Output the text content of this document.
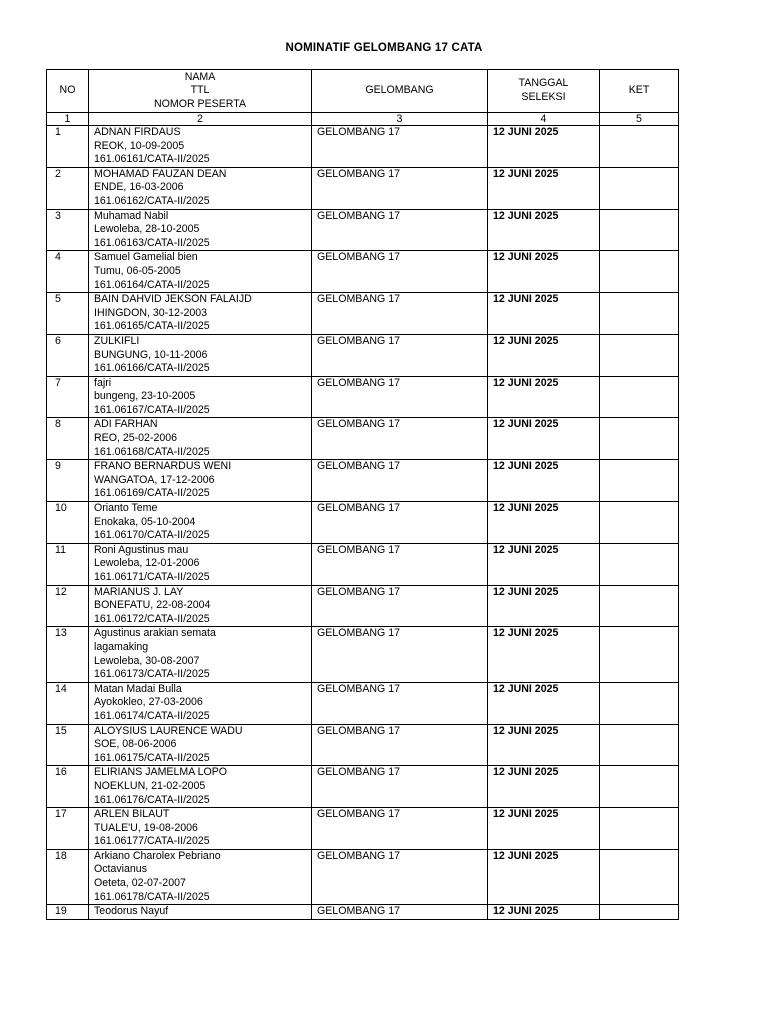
NOMINATIF GELOMBANG 17 CATA
NO	NAMA
TTL
NOMOR PESERTA	GELOMBANG	TANGGAL
SELEKSI	KET
1	2	3	4	5
1	ADNAN FIRDAUS
REOK, 10-09-2005
161.06161/CATA-II/2025	GELOMBANG 17	12 JUNI 2025	
2	MOHAMAD FAUZAN DEAN
ENDE, 16-03-2006
161.06162/CATA-II/2025	GELOMBANG 17	12 JUNI 2025	
3	Muhamad Nabil
Lewoleba, 28-10-2005
161.06163/CATA-II/2025	GELOMBANG 17	12 JUNI 2025	
4	Samuel Gamelial bien
Tumu, 06-05-2005
161.06164/CATA-II/2025	GELOMBANG 17	12 JUNI 2025	
5	BAIN DAHVID JEKSON FALAIJD
IHINGDON, 30-12-2003
161.06165/CATA-II/2025	GELOMBANG 17	12 JUNI 2025	
6	ZULKIFLI
BUNGUNG, 10-11-2006
161.06166/CATA-II/2025	GELOMBANG 17	12 JUNI 2025	
7	fajri
bungeng, 23-10-2005
161.06167/CATA-II/2025	GELOMBANG 17	12 JUNI 2025	
8	ADI FARHAN
REO, 25-02-2006
161.06168/CATA-II/2025	GELOMBANG 17	12 JUNI 2025	
9	FRANO BERNARDUS WENI
WANGATOA, 17-12-2006
161.06169/CATA-II/2025	GELOMBANG 17	12 JUNI 2025	
10	Orianto Teme
Enokaka, 05-10-2004
161.06170/CATA-II/2025	GELOMBANG 17	12 JUNI 2025	
11	Roni Agustinus mau
Lewoleba, 12-01-2006
161.06171/CATA-II/2025	GELOMBANG 17	12 JUNI 2025	
12	MARIANUS J. LAY
BONEFATU, 22-08-2004
161.06172/CATA-II/2025	GELOMBANG 17	12 JUNI 2025	
13	Agustinus arakian semata
lagamaking
Lewoleba, 30-08-2007
161.06173/CATA-II/2025	GELOMBANG 17	12 JUNI 2025	
14	Matan Madai Bulla
Ayokokleo, 27-03-2006
161.06174/CATA-II/2025	GELOMBANG 17	12 JUNI 2025	
15	ALOYSIUS LAURENCE WADU
SOE, 08-06-2006
161.06175/CATA-II/2025	GELOMBANG 17	12 JUNI 2025	
16	ELIRIANS JAMELMA LOPO
NOEKLUN, 21-02-2005
161.06176/CATA-II/2025	GELOMBANG 17	12 JUNI 2025	
17	ARLEN BILAUT
TUALE'U, 19-08-2006
161.06177/CATA-II/2025	GELOMBANG 17	12 JUNI 2025	
18	Arkiano Charolex Pebriano
Octavianus
Oeteta, 02-07-2007
161.06178/CATA-II/2025	GELOMBANG 17	12 JUNI 2025	
19	Teodorus Nayuf	GELOMBANG 17	12 JUNI 2025	
